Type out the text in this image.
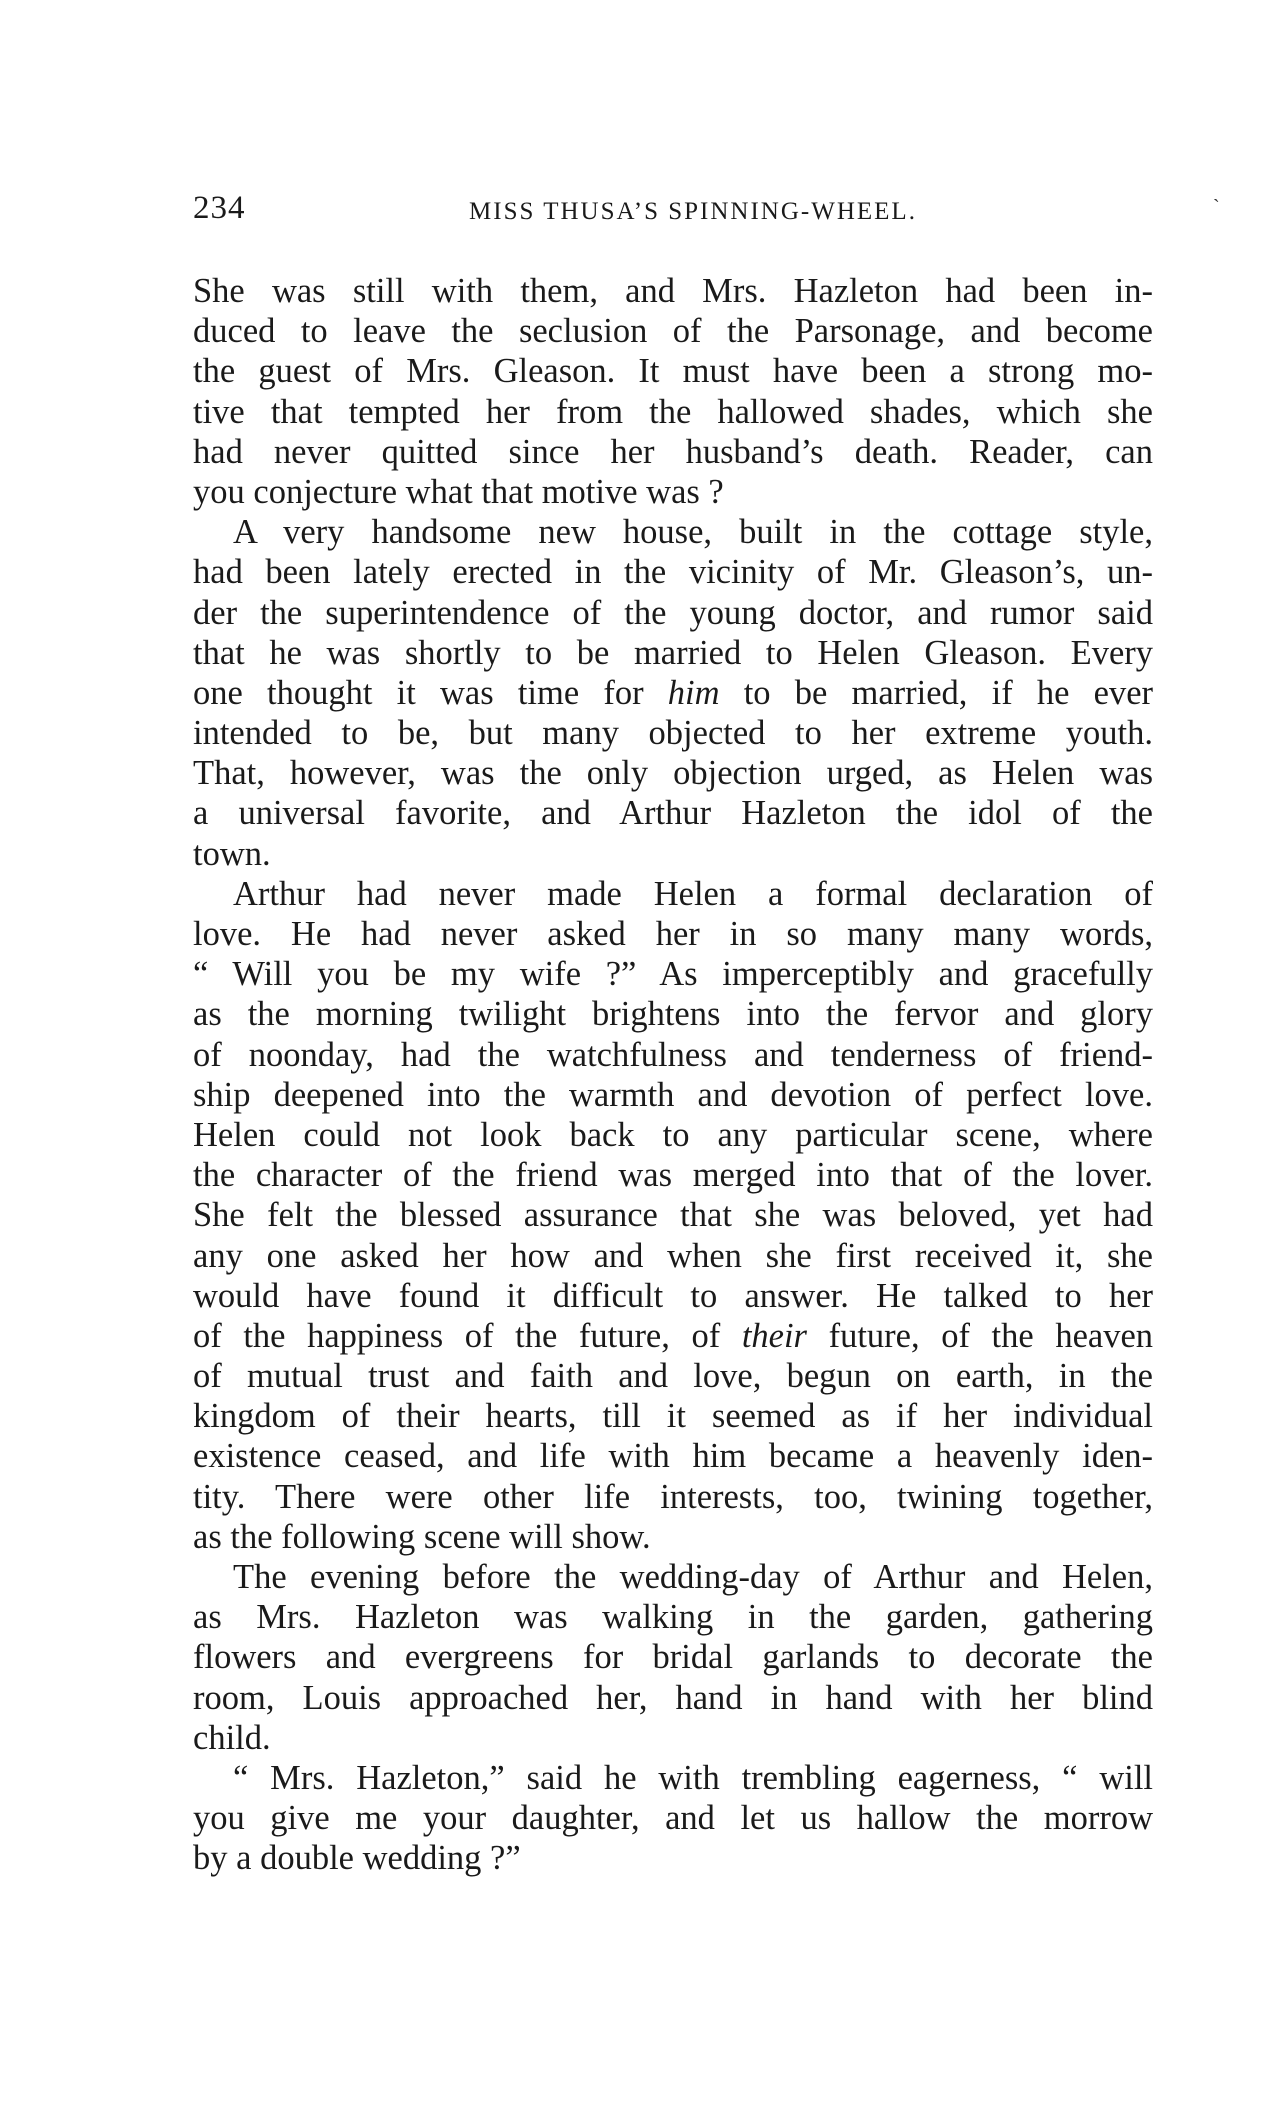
234	MISS THUSA’S SPINNING-WHEEL.	˴
She was still with them, and Mrs. Hazleton had been in-
duced to leave the seclusion of the Parsonage, and become
the guest of Mrs. Gleason. It must have been a strong mo-
tive that tempted her from the hallowed shades, which she
had never quitted since her husband’s death. Reader, can
you conjecture what that motive was ?
A very handsome new house, built in the cottage style,
had been lately erected in the vicinity of Mr. Gleason’s, un-
der the superintendence of the young doctor, and rumor said
that he was shortly to be married to Helen Gleason. Every
one thought it was time for him to be married, if he ever
intended to be, but many objected to her extreme youth.
That, however, was the only objection urged, as Helen was
a universal favorite, and Arthur Hazleton the idol of the
town.
Arthur had never made Helen a formal declaration of
love. He had never asked her in so many many words,
“ Will you be my wife ?” As imperceptibly and gracefully
as the morning twilight brightens into the fervor and glory
of noonday, had the watchfulness and tenderness of friend-
ship deepened into the warmth and devotion of perfect love.
Helen could not look back to any particular scene, where
the character of the friend was merged into that of the lover.
She felt the blessed assurance that she was beloved, yet had
any one asked her how and when she first received it, she
would have found it difficult to answer. He talked to her
of the happiness of the future, of their future, of the heaven
of mutual trust and faith and love, begun on earth, in the
kingdom of their hearts, till it seemed as if her individual
existence ceased, and life with him became a heavenly iden-
tity. There were other life interests, too, twining together,
as the following scene will show.
The evening before the wedding-day of Arthur and Helen,
as Mrs. Hazleton was walking in the garden, gathering
flowers and evergreens for bridal garlands to decorate the
room, Louis approached her, hand in hand with her blind
child.
“ Mrs. Hazleton,” said he with trembling eagerness, “ will
you give me your daughter, and let us hallow the morrow
by a double wedding ?”
